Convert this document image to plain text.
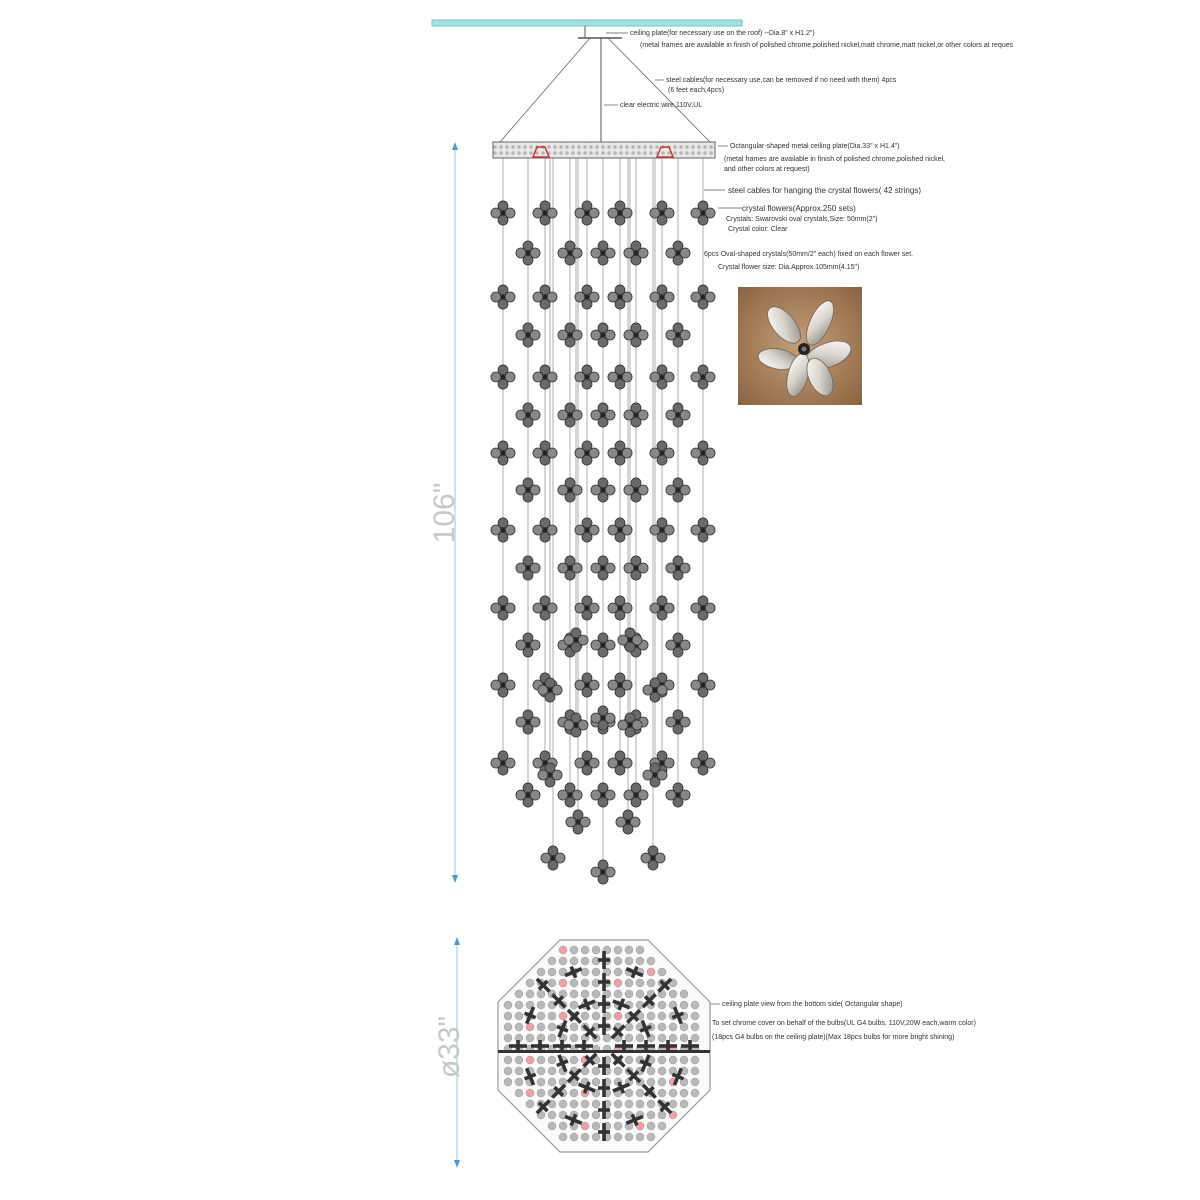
ceiling plate(for necessary use on the roof) --Dia.8" x H1.2")
(metal frames are available in finish of polished chrome,polished nickel,matt chrome,matt nickel,or other colors at reques
steel cables(for necessary use,can be removed if no need with them) 4pcs
(6 feet each,4pcs)
clear electric wire,110V,UL
Octangular-shaped metal ceiling plate(Dia.33" x H1.4")
(metal frames are available in finish of polished chrome,polished nickel,
and other colors at request)
steel cables for hanging the crystal flowers( 42 strings)
crystal flowers(Approx.250 sets)
Crystals: Swarovski oval crystals,Size: 50mm(2")
Crystal color: Clear
6pcs Oval-shaped crystals(50mm/2" each) fixed on each flower set.
Crystal flower size: Dia.Approx.105mm(4.15")
ceiling plate view from the bottom side( Octangular shape)
To set chrome cover on behalf of the bulbs(UL G4 bulbs, 110V,20W each,warm color)
(18pcs G4 bulbs on the ceiling plate)(Max 18pcs bulbs for more bright shining)
106"
ø33"
